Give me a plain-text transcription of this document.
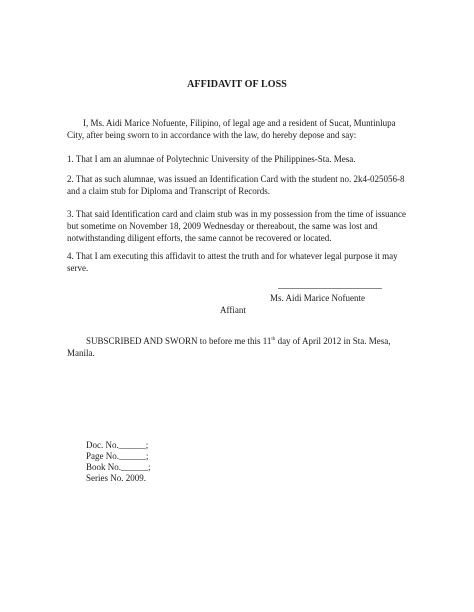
AFFIDAVIT OF LOSS
I, Ms. Aidi Marice Nofuente, Filipino, of legal age and a resident of Sucat, Muntinlupa City, after being sworn to in accordance with the law, do hereby depose and say:
1. That I am an alumnae of Polytechnic University of the Philippines-Sta. Mesa.
2. That as such alumnae, was issued an Identification Card with the student no. 2k4-025056-8 and a claim stub for Diploma and Transcript of Records.
3. That said Identification card and claim stub was in my possession from the time of issuance but sometime on November 18, 2009 Wednesday or thereabout, the same was lost and notwithstanding diligent efforts, the same cannot be recovered or located.
4. That I am executing this affidavit to attest the truth and for whatever legal purpose it may serve.
Ms. Aidi Marice Nofuente
Affiant
SUBSCRIBED AND SWORN to before me this 11th day of April 2012 in Sta. Mesa, Manila.
Doc. No.______;
Page No.______;
Book No.______;
Series No. 2009.
